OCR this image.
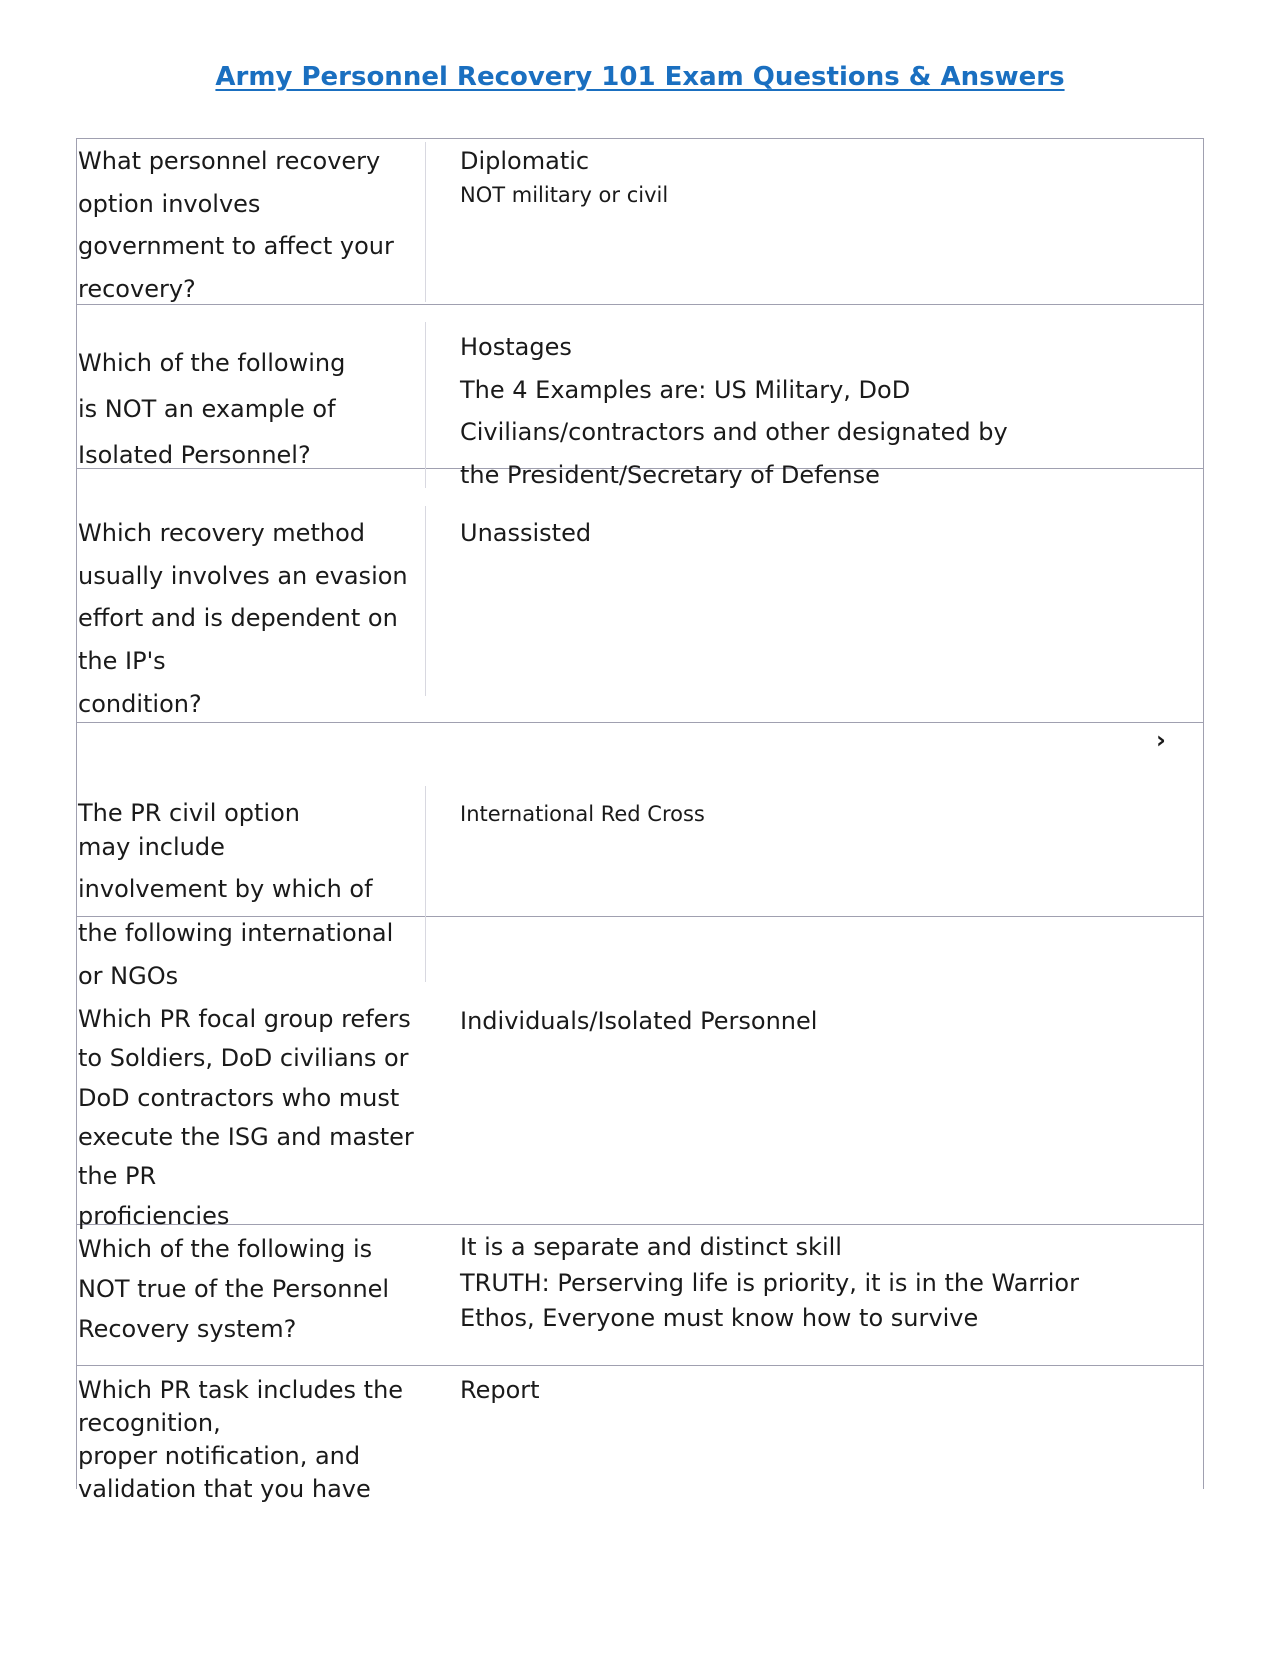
Army Personnel Recovery 101 Exam Questions & Answers
›
What personnel recovery
option involves
government to affect your
recovery?
Diplomatic
NOT military or civil
Which of the following
is NOT an example of
Isolated Personnel?
Hostages
The 4 Examples are: US Military, DoD
Civilians/contractors and other designated by
the President/Secretary of Defense
Which recovery method
usually involves an evasion
effort and is dependent on
the IP's
condition?
Unassisted
The PR civil option
may include
involvement by which of
the following international
or NGOs
International Red Cross
Which PR focal group refers
to Soldiers, DoD civilians or
DoD contractors who must
execute the ISG and master
the PR
proficiencies
Individuals/Isolated Personnel
Which of the following is
NOT true of the Personnel
Recovery system?
It is a separate and distinct skill
TRUTH: Perserving life is priority, it is in the Warrior
Ethos, Everyone must know how to survive
Which PR task includes the
recognition,
proper notification, and
validation that you have
Report
